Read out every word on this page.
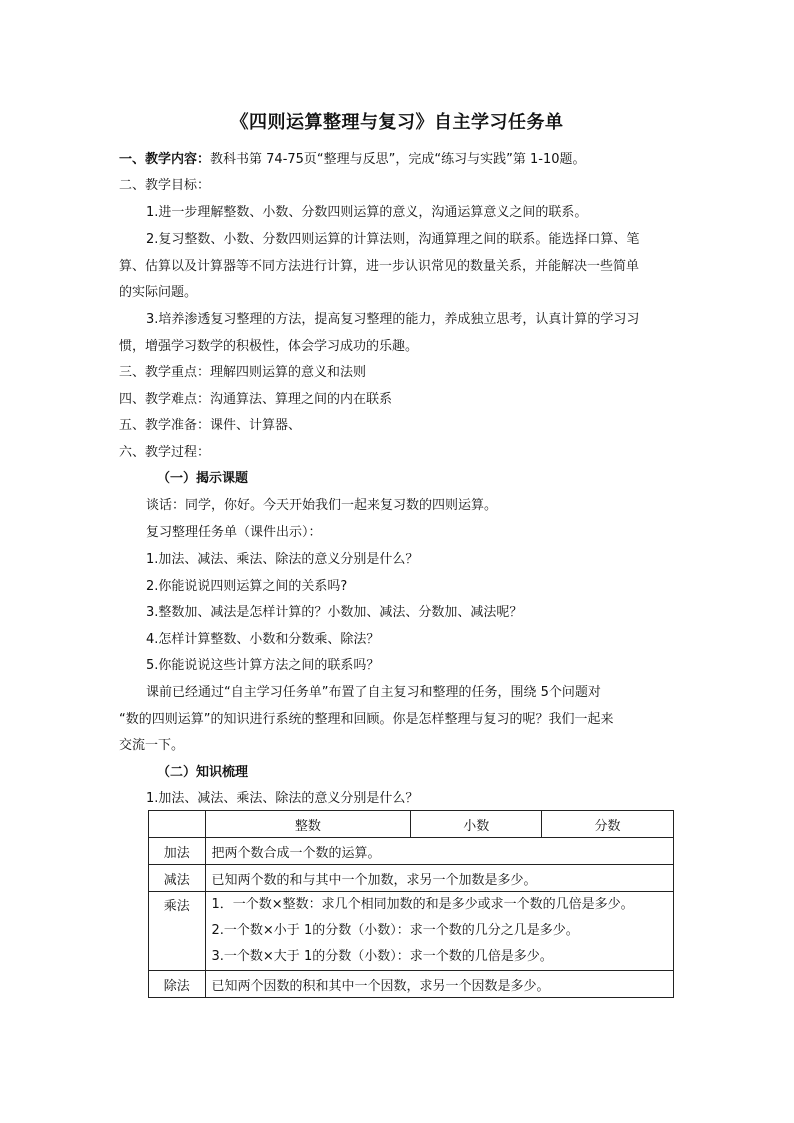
《四则运算整理与复习》自主学习任务单
一、教学内容：教科书第 74-75页“整理与反思”，完成“练习与实践”第 1-10题。
二、教学目标：
1.进一步理解整数、小数、分数四则运算的意义，沟通运算意义之间的联系。
2.复习整数、小数、分数四则运算的计算法则，沟通算理之间的联系。能选择口算、笔
算、估算以及计算器等不同方法进行计算，进一步认识常见的数量关系，并能解决一些简单
的实际问题。
3.培养渗透复习整理的方法，提高复习整理的能力，养成独立思考，认真计算的学习习
惯，增强学习数学的积极性，体会学习成功的乐趣。
三、教学重点：理解四则运算的意义和法则
四、教学难点：沟通算法、算理之间的内在联系
五、教学准备：课件、计算器、
六、教学过程：
（一）揭示课题
谈话：同学，你好。今天开始我们一起来复习数的四则运算。
复习整理任务单（课件出示）：
1.加法、减法、乘法、除法的意义分别是什么？
2.你能说说四则运算之间的关系吗?
3.整数加、减法是怎样计算的？小数加、减法、分数加、减法呢？
4.怎样计算整数、小数和分数乘、除法？
5.你能说说这些计算方法之间的联系吗？
课前已经通过“自主学习任务单”布置了自主复习和整理的任务，围绕 5个问题对
“数的四则运算”的知识进行系统的整理和回顾。你是怎样整理与复习的呢？我们一起来
交流一下。
（二）知识梳理
1.加法、减法、乘法、除法的意义分别是什么？
	整数	小数	分数
加法	把两个数合成一个数的运算。		
减法	已知两个数的和与其中一个加数，求另一个加数是多少。		
乘法	1．一个数×整数：求几个相同加数的和是多少或求一个数的几倍是多少。
2.一个数×小于 1的分数（小数）：求一个数的几分之几是多少。
3.一个数×大于 1的分数（小数）：求一个数的几倍是多少。		

除法	已知两个因数的积和其中一个因数，求另一个因数是多少。		
